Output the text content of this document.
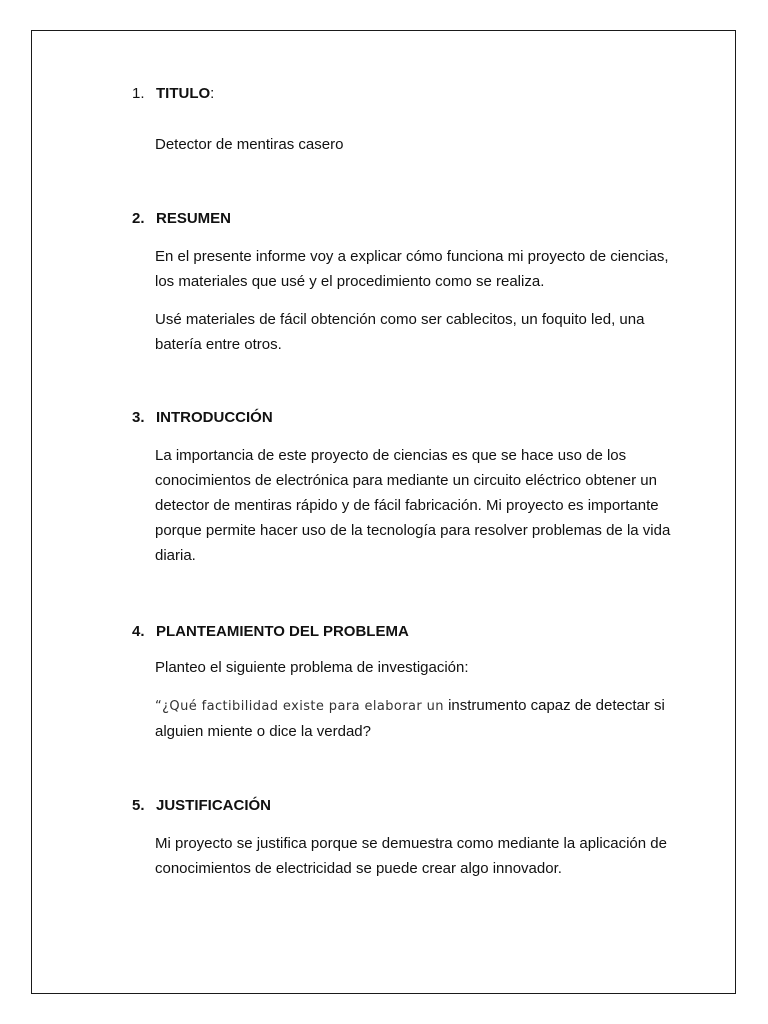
1. TITULO:

Detector de mentiras casero

2. RESUMEN

En el presente informe voy a explicar cómo funciona mi proyecto de ciencias, los materiales que usé y el procedimiento como se realiza.

Usé materiales de fácil obtención como ser cablecitos, un foquito led, una batería entre otros.

3. INTRODUCCIÓN

La importancia de este proyecto de ciencias es que se hace uso de los conocimientos de electrónica para mediante un circuito eléctrico obtener un detector de mentiras rápido y de fácil fabricación. Mi proyecto es importante porque permite hacer uso de la tecnología para resolver problemas de la vida diaria.

4. PLANTEAMIENTO DEL PROBLEMA

Planteo el siguiente problema de investigación:

“¿Qué factibilidad existe para elaborar un instrumento capaz de detectar si alguien miente o dice la verdad?

5. JUSTIFICACIÓN

Mi proyecto se justifica porque se demuestra como mediante la aplicación de conocimientos de electricidad se puede crear algo innovador.
